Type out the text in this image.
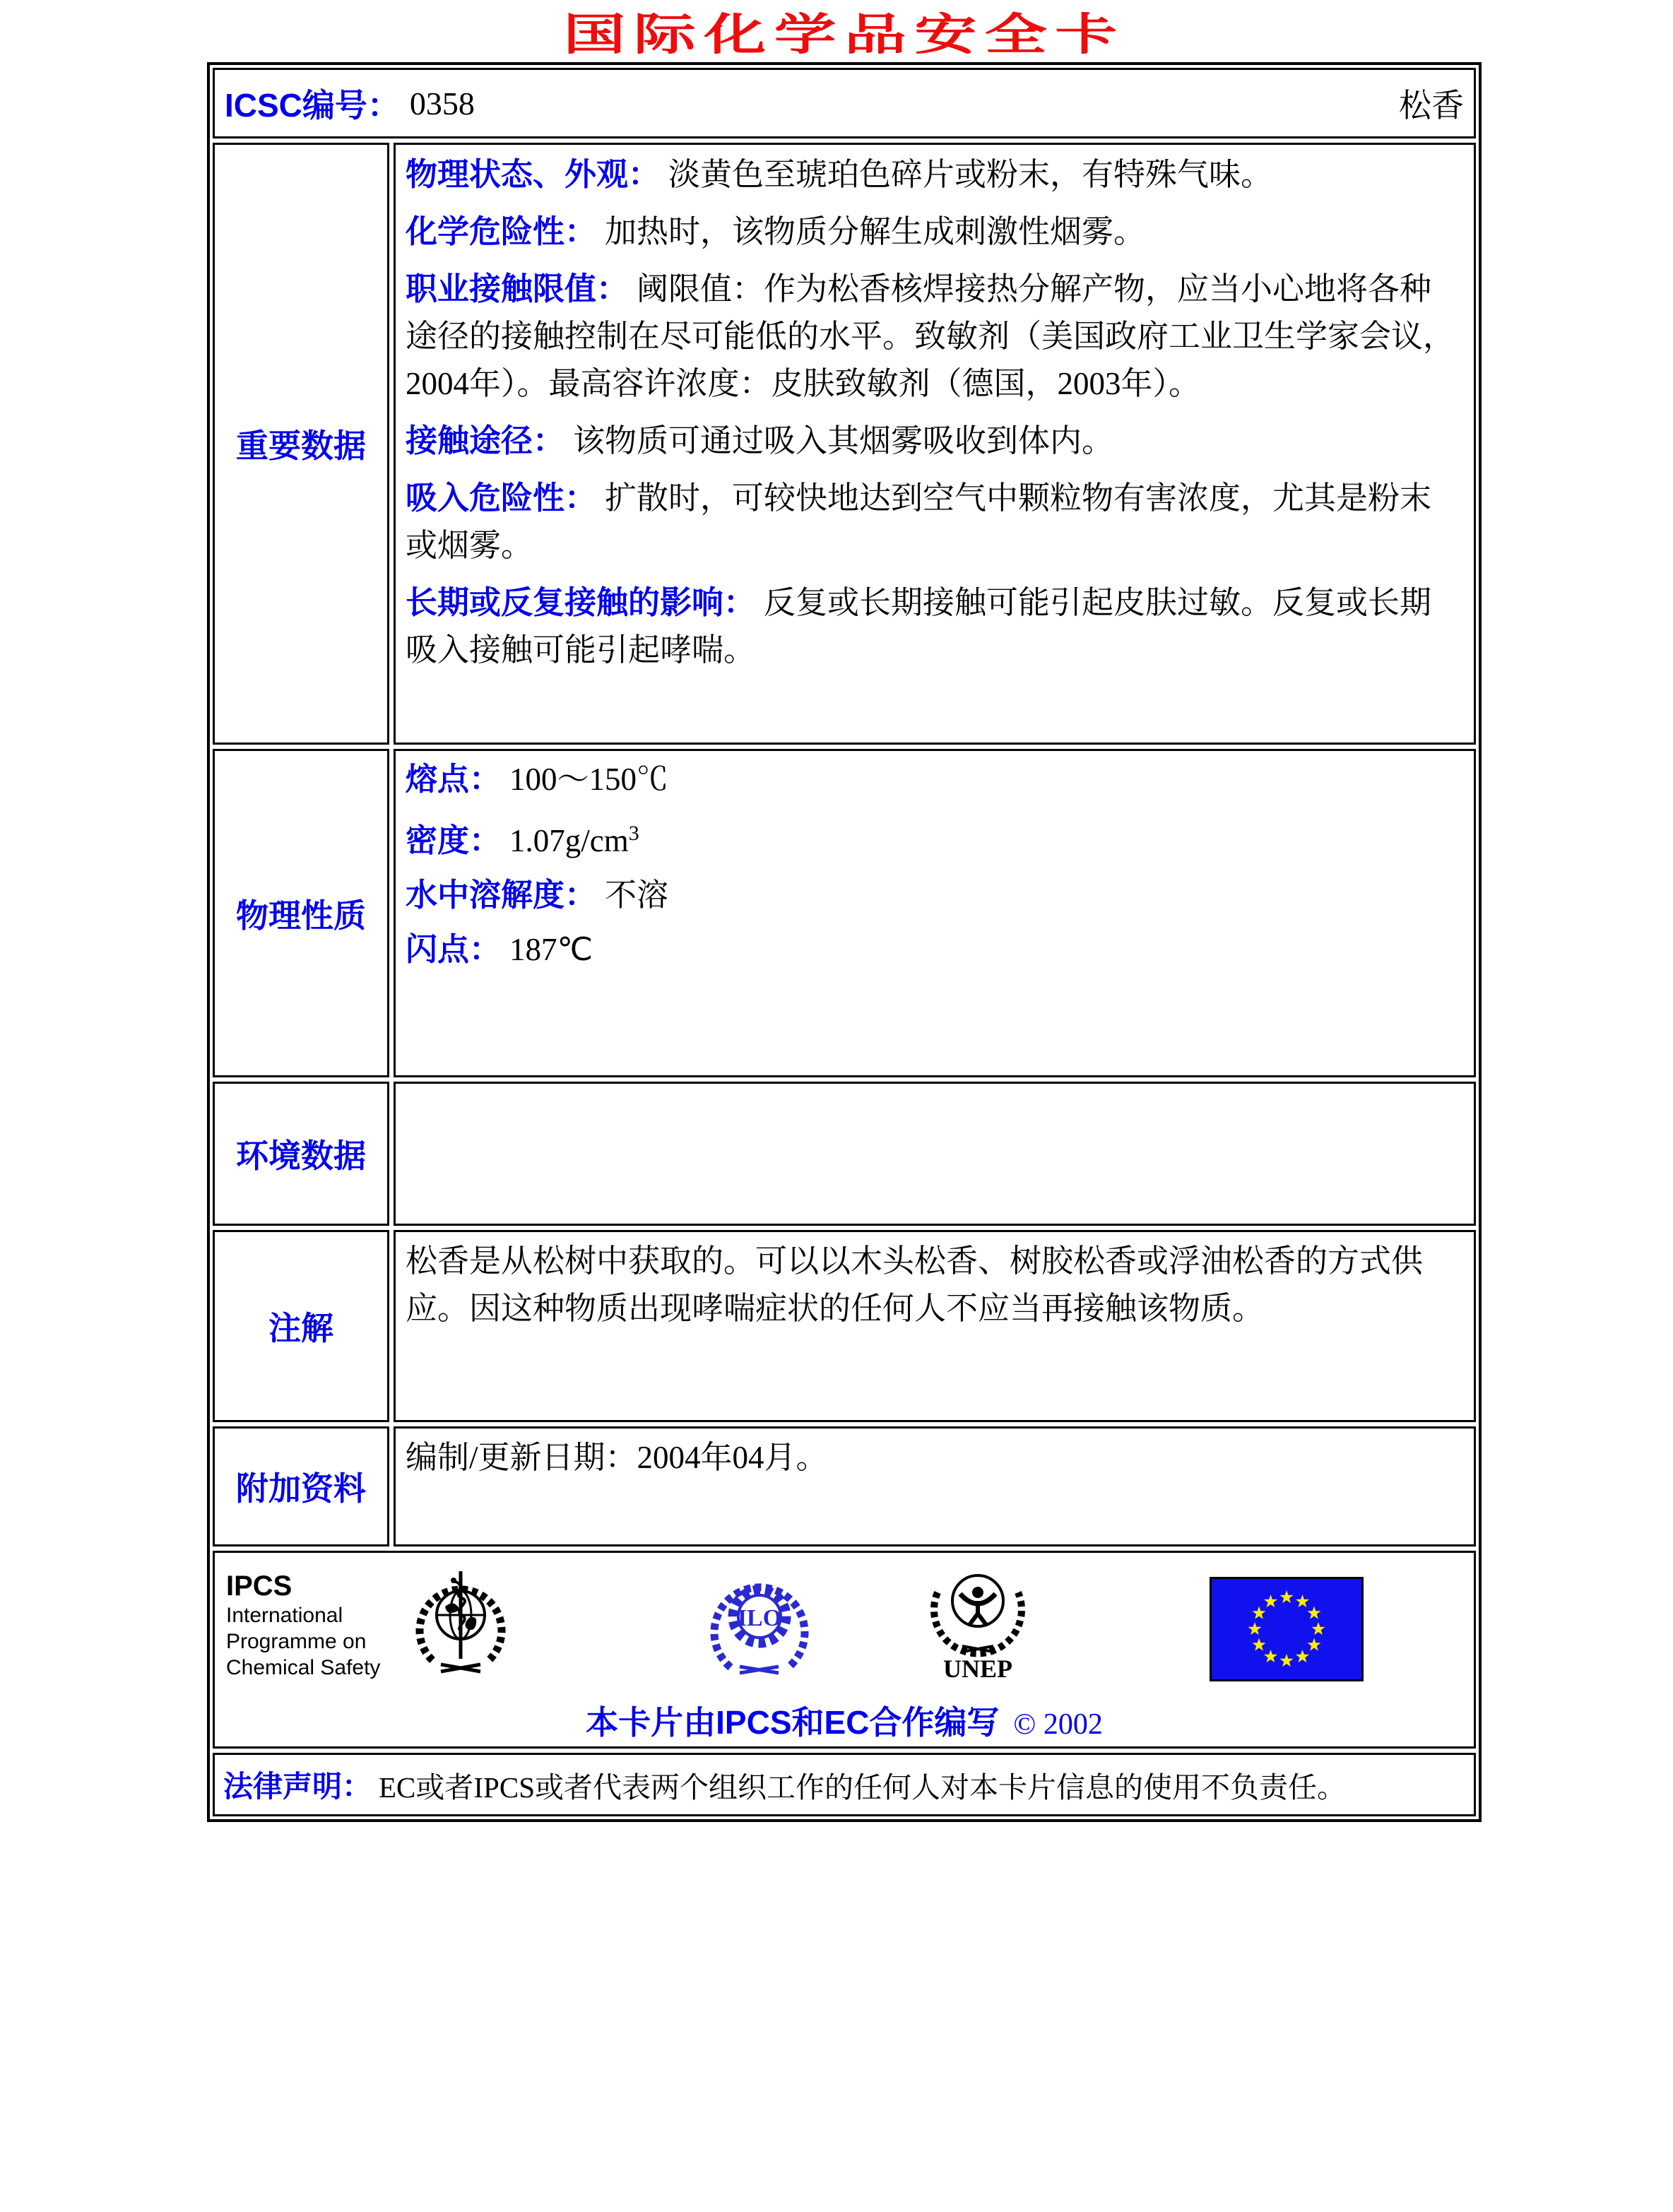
国际化学品安全卡
ICSC编号： 0358	松香
重要数据

物理状态、外观： 淡黄色至琥珀色碎片或粉末，有特殊气味。

化学危险性： 加热时，该物质分解生成刺激性烟雾。

职业接触限值： 阈限值：作为松香核焊接热分解产物，应当小心地将各种途径的接触控制在尽可能低的水平。致敏剂（美国政府工业卫生学家会议，2004年）。最高容许浓度：皮肤致敏剂（德国，2003年）。

接触途径： 该物质可通过吸入其烟雾吸收到体内。

吸入危险性： 扩散时，可较快地达到空气中颗粒物有害浓度，尤其是粉末或烟雾。

长期或反复接触的影响： 反复或长期接触可能引起皮肤过敏。反复或长期吸入接触可能引起哮喘。

物理性质

熔点： 100～150℃

密度： $1.07g/cm^3$

水中溶解度： 不溶

闪点： 187℃

环境数据

注解

松香是从松树中获取的。可以以木头松香、树胶松香或浮油松香的方式供应。因这种物质出现哮喘症状的任何人不应当再接触该物质。

附加资料

编制/更新日期：2004年04月。

IPCS
International
Programme on
Chemical Safety
ILO
UNEP
本卡片由IPCS和EC合作编写 © 2002
法律声明： EC或者IPCS或者代表两个组织工作的任何人对本卡片信息的使用不负责任。
